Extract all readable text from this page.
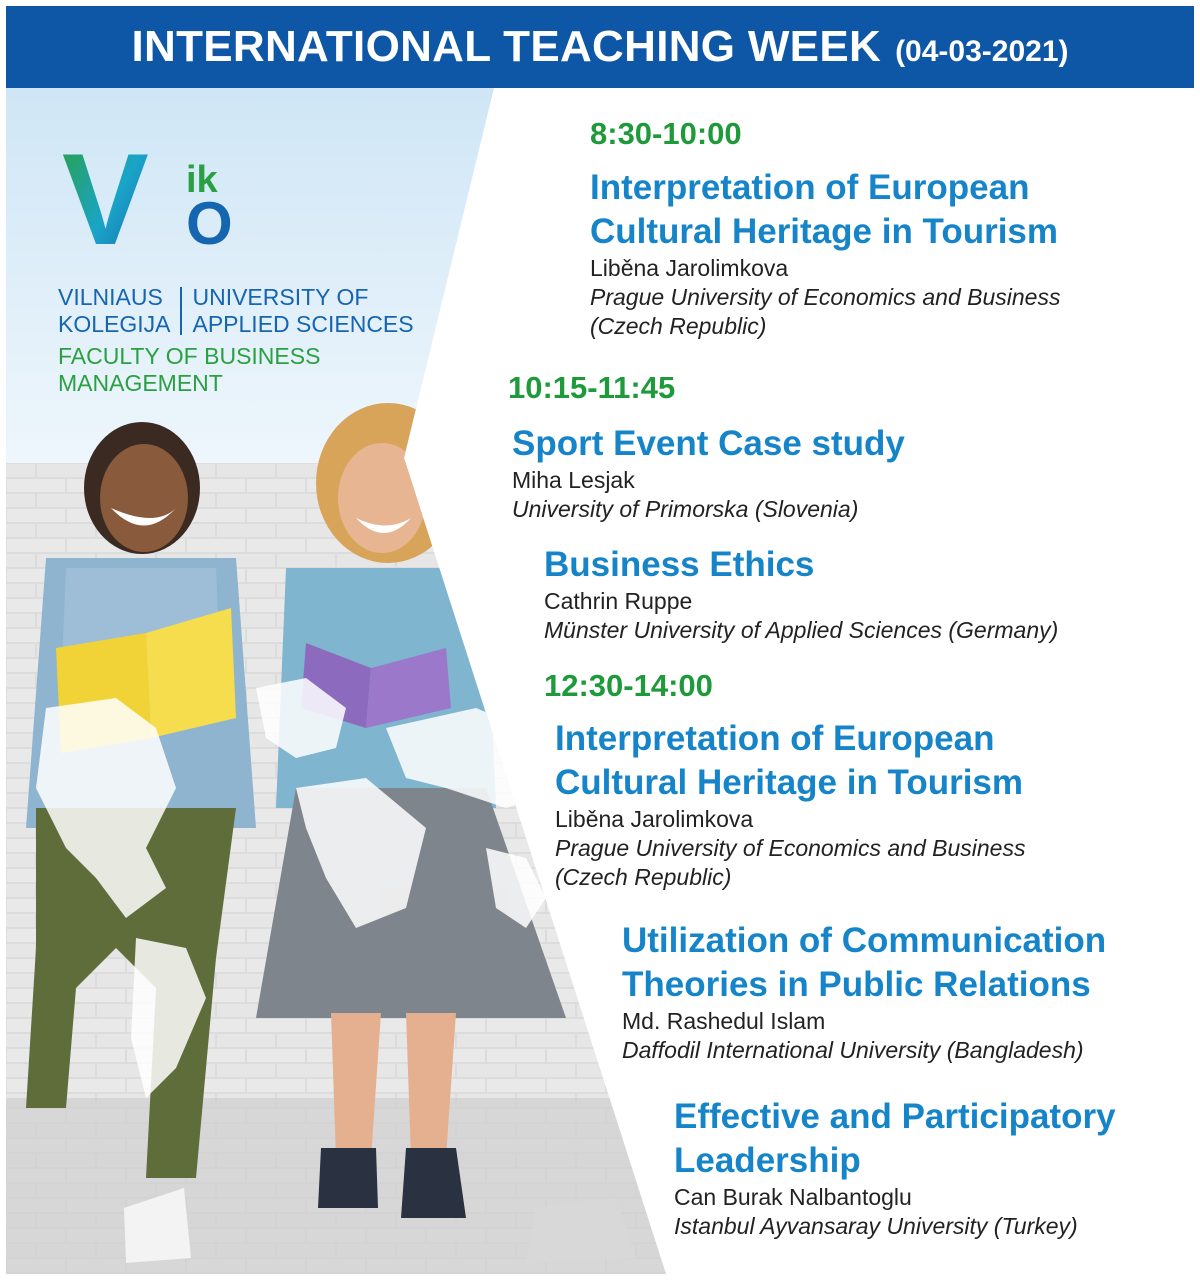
INTERNATIONAL TEACHING WEEK (04-03-2021)
V ik
O
VILNIAUS
KOLEGIJA
UNIVERSITY OF
APPLIED SCIENCES
FACULTY OF BUSINESS
MANAGEMENT
8:30-10:00
Interpretation of European
Cultural Heritage in Tourism
Liběna Jarolimkova
Prague University of Economics and Business
(Czech Republic)
10:15-11:45
Sport Event Case study
Miha Lesjak
University of Primorska (Slovenia)
Business Ethics
Cathrin Ruppe
Münster University of Applied Sciences (Germany)
12:30-14:00
Interpretation of European
Cultural Heritage in Tourism
Liběna Jarolimkova
Prague University of Economics and Business
(Czech Republic)
Utilization of Communication
Theories in Public Relations
Md. Rashedul Islam
Daffodil International University (Bangladesh)
Effective and Participatory
Leadership
Can Burak Nalbantoglu
Istanbul Ayvansaray University (Turkey)
